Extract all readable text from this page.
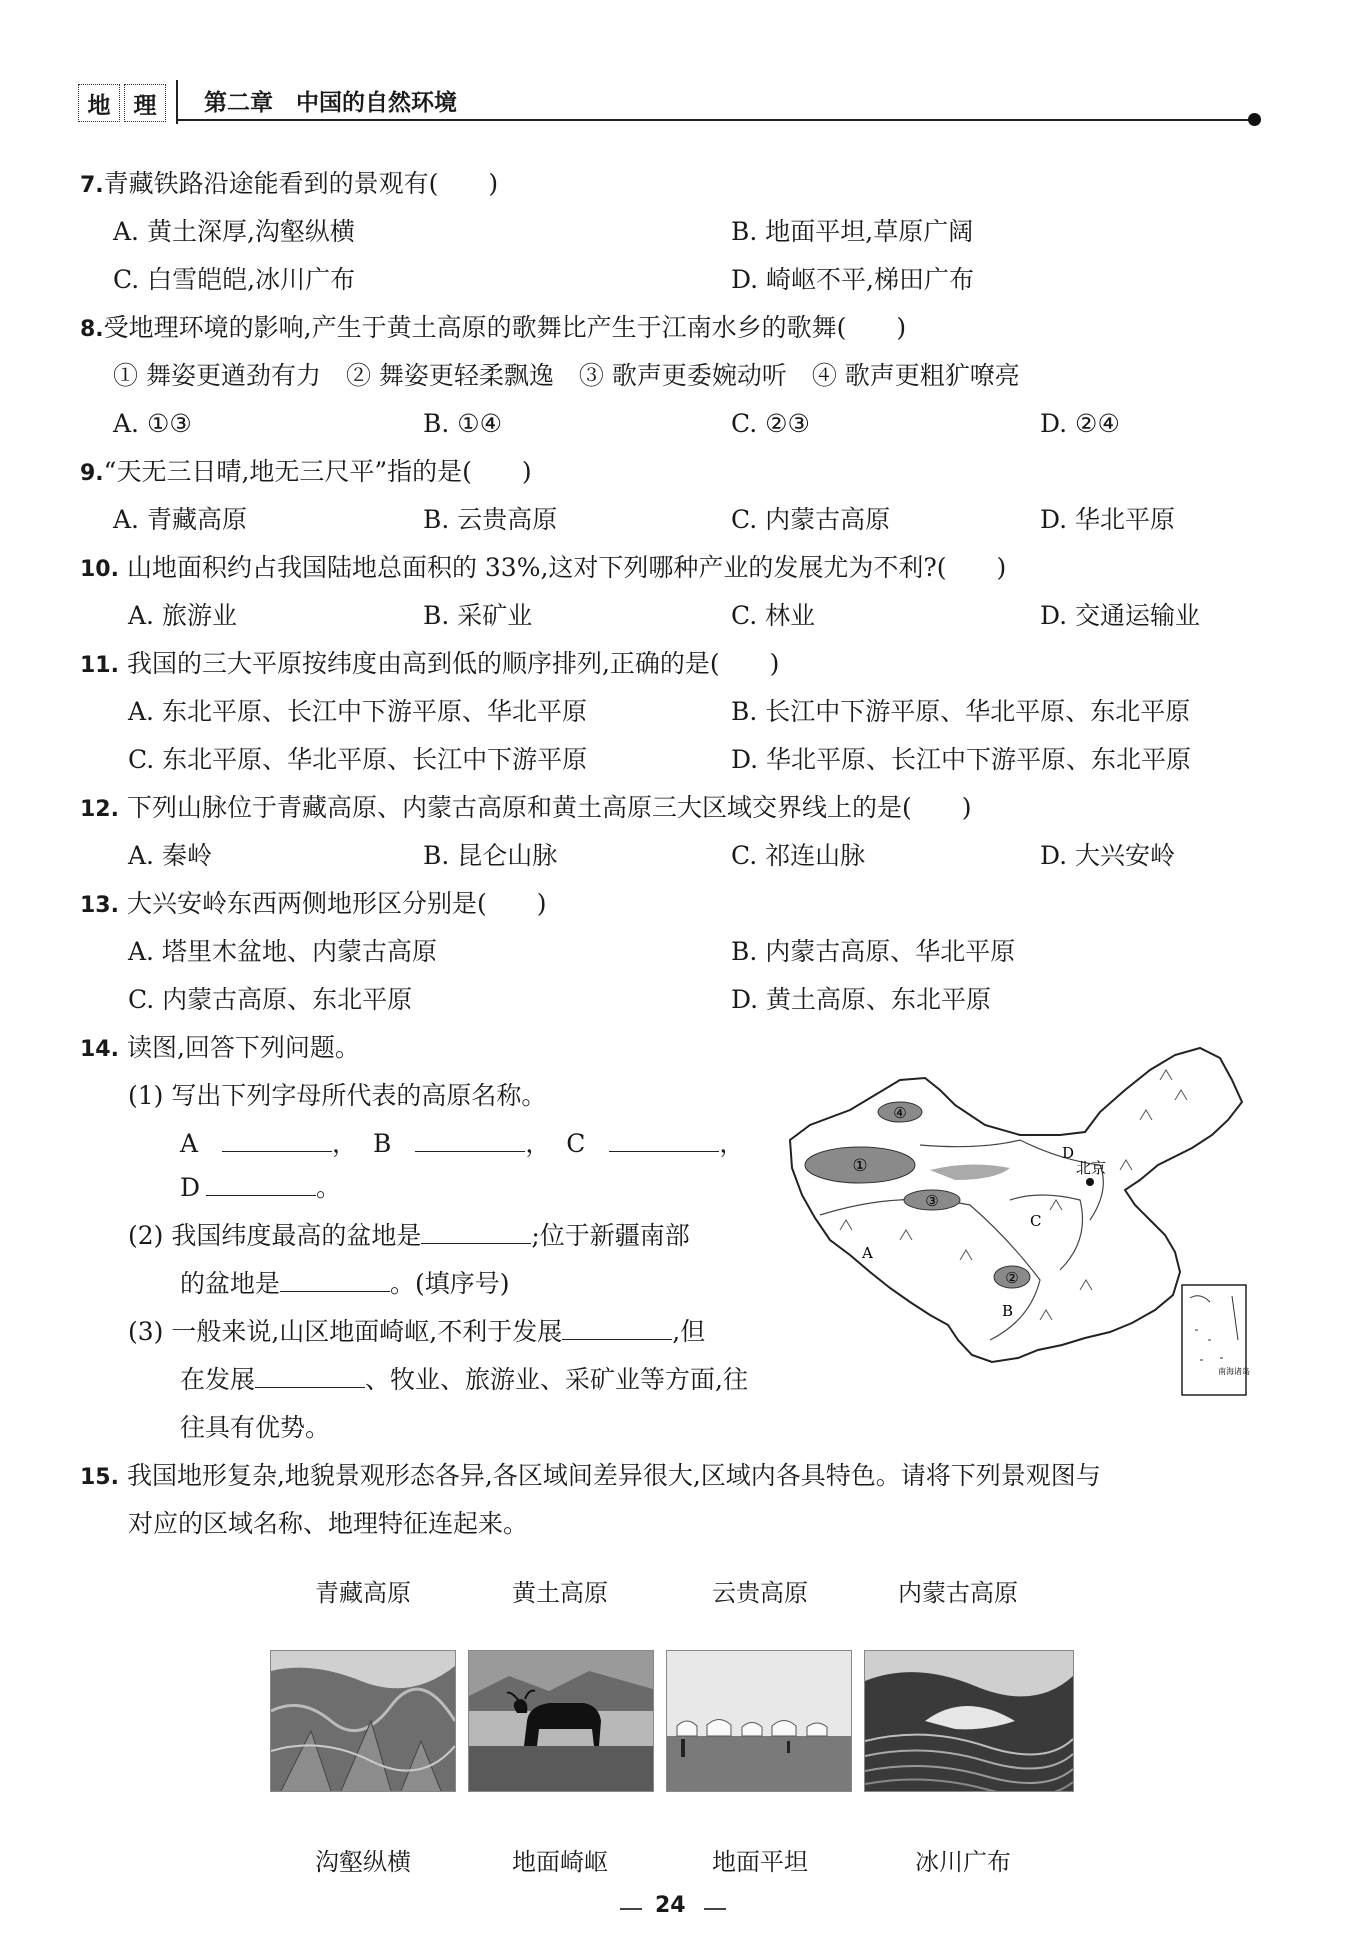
地 理 第二章　中国的自然环境
7.青藏铁路沿途能看到的景观有(　　)
A. 黄土深厚,沟壑纵横	B. 地面平坦,草原广阔
C. 白雪皑皑,冰川广布	D. 崎岖不平,梯田广布
8.受地理环境的影响,产生于黄土高原的歌舞比产生于江南水乡的歌舞(　　)
① 舞姿更遒劲有力　② 舞姿更轻柔飘逸　③ 歌声更委婉动听　④ 歌声更粗犷嘹亮
A. ①③	B. ①④	C. ②③	D. ②④
9.“天无三日晴,地无三尺平”指的是(　　)
A. 青藏高原	B. 云贵高原	C. 内蒙古高原	D. 华北平原
10. 山地面积约占我国陆地总面积的 33%,这对下列哪种产业的发展尤为不利?(　　)
A. 旅游业	B. 采矿业	C. 林业	D. 交通运输业
11. 我国的三大平原按纬度由高到低的顺序排列,正确的是(　　)
A. 东北平原、长江中下游平原、华北平原	B. 长江中下游平原、华北平原、东北平原
C. 东北平原、华北平原、长江中下游平原	D. 华北平原、长江中下游平原、东北平原
12. 下列山脉位于青藏高原、内蒙古高原和黄土高原三大区域交界线上的是(　　)
A. 秦岭	B. 昆仑山脉	C. 祁连山脉	D. 大兴安岭
13. 大兴安岭东西两侧地形区分别是(　　)
A. 塔里木盆地、内蒙古高原	B. 内蒙古高原、华北平原
C. 内蒙古高原、东北平原	D. 黄土高原、东北平原
14. 读图,回答下列问题。
(1) 写出下列字母所代表的高原名称。
A	， B	， C	，
D	。
(2) 我国纬度最高的盆地是	;位于新疆南部
的盆地是	。(填序号)
(3) 一般来说,山区地面崎岖,不利于发展	,但
在发展	、牧业、旅游业、采矿业等方面,往
往具有优势。
①
④
③
②
A
B
C
D
北京
南海诸岛
15. 我国地形复杂,地貌景观形态各异,各区域间差异很大,区域内各具特色。请将下列景观图与
对应的区域名称、地理特征连起来。
青藏高原	黄土高原	云贵高原	内蒙古高原
沟壑纵横	地面崎岖	地面平坦	冰川广布
24
